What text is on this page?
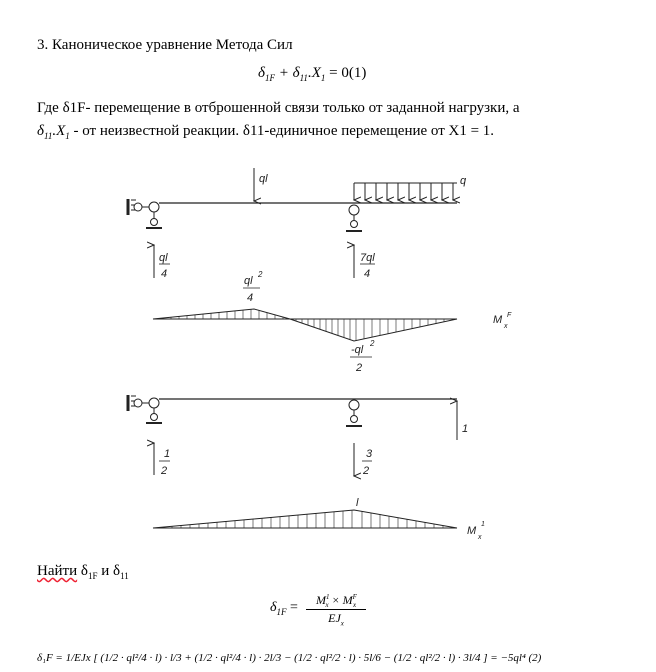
3. Каноническое уравнение Метода Сил
$\delta_{1F} + \delta_{11}.X_1 = 0(1)$
Где δ1F- перемещение в отброшенной связи только от заданной нагрузки, а
$\delta_{11}.X_1$ - от неизвестной реакции. δ11-единичное перемещение от X1 = 1.
ql	q
ql
4
7ql
4
ql
2
4
-ql
2
2
M F
x
1
1
2
3
2
l
M
1
x
Найти $\delta_{1F}$ и $\delta_{11}$
$\delta_{1F}$ =	$M^1_x \times M^F_x$
$EJ_x$
δ₁F = 1/EJx [ (1/2 · ql²/4 · l) · l/3 + (1/2 · ql²/4 · l) · 2l/3 − (1/2 · ql²/2 · l) · 5l/6 − (1/2 · ql²/2 · l) · 3l/4 ] = −5ql⁴ (2)
